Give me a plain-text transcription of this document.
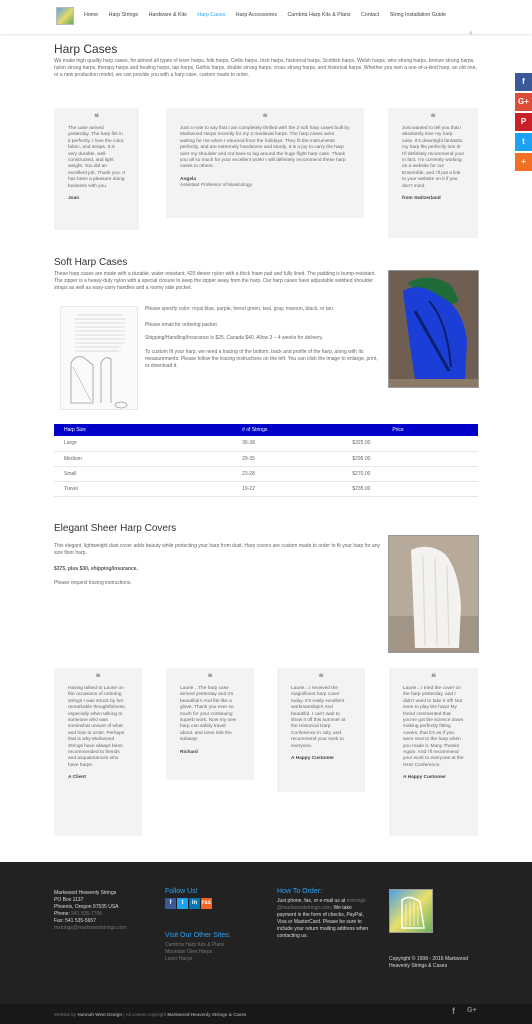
Home Harp Strings Hardware & Kits Harp Cases Harp Accessories Cambria Harp Kits & Plans Contact String Installation Guide
⌕
f
G+
P
t
+
Harp Cases

We make high quality harp cases, for almost all types of lever harps, folk harps, Celtic harps, Irish harps, historical harps, Scottish harps, Welsh harps, wire strung harps, bronze strung harps, nylon strung harps, therapy harps and healing harps, lap harps, Gothic harps, double strung harps, cross strung harps, and historical harps. Whether you own a one-of-a-kind harp, an old one, or a new production model, we can provide you with a harp case, custom made to order.

❝
The case arrived yesterday. The harp fits in it perfectly. I love the color, fabric, and straps. It is very durable, well-constructed, and light weight. You did an excellent job. Thank you. It has been a pleasure doing business with you.
Joan
❝
Just a note to say that I am completely thrilled with the 2 soft harp cases built by Markwood Harps recently for my 2 medieval harps. The harp cases were waiting for me when I returned from the holidays. They fit the instruments perfectly, and are extremely handsome and sturdy. It is a joy to carry the harp over my shoulder and not have to lug around the huge flight harp case. Thank you all so much for your excellent work! I will definitely recommend these harp cases to others.
Angela
Assistant Professor of Musicology
❝
Just wanted to tell you that I absolutely love my harp case. It’s downright fantastic, my harp fits perfectly into it! I’ll definitely recommend you! In fact, I’m currently working on a website for our Ensemble, and I’ll put a link to your website on it if you don’t mind.
from Switzerland
Soft Harp Cases

These harp cases are made with a durable, water-resistant, 420 denier nylon with a thick foam pad and fully lined. The padding is bump-resistant. The zipper is a heavy-duty nylon with a special closure to keep the zipper away from the harp. Our harp cases have adjustable webbed shoulder straps as well as easy-carry handles and a roomy side pocket.

Please specify color: royal blue, purple, forest green, teal, gray, maroon, black, or tan.

Please email for ordering packet.

Shipping/Handling/Insurance is $25. Canada $40. Allow 3 – 4 weeks for delivery.

To custom fit your harp, we need a tracing of the bottom, back and profile of the harp, along with its measurements. Please follow the tracing instructions on the left. You can click the image to enlarge, print, or download it.

Harp Size	# of Strings	Price
Large	36-38	$325.00
Medium	29-35	$295.00
Small	23-28	$270.00
Travel	19-22	$235.00
Elegant Sheer Harp Covers

This elegant, lightweight dust cover adds beauty while protecting your harp from dust. Harp covers are custom made to order to fit your harp for any size floor harp.

$375, plus $30, shipping/insurance.

Please request tracing instructions.

❝
Having talked to Laurie on the occasions of ordering strings I was struck by her remarkable thoughtfulness, especially when talking to someone who was somewhat unsure of what and how to order. Perhaps that is why Markwood Strings have always been recommended to friends and acquaintances who have harps.
A Client
❝
Laurie…The harp case arrived yesterday and it’s beautiful!!! And fits like a glove. Thank you ever so much for your continuing superb work. Now my new harp can safely travel about, and even ride the subway!
Richard
❝
Laurie…I received the magnificent harp cover today. It’s really excellent workmanship!!! And beautiful. I can’t wait to show it off this summer at the Historical Harp Conference in July, and recommend your work to everyone.
A Happy Customer
❝
Laurie…I tried the cover on the harp yesterday, and I didn’t want to take it off! Not even to play the harp! My friend commented that you’ve got the science down making perfectly fitting covers, that it’s as if you were next to the harp when you made it. Many Thanks Again. And I’ll recommend your work to everyone at the HHS Conference.
A Happy Customer
Markwood Heavenly Strings
PO Box 1137
Phoenix, Oregon 97535 USA
Phone: 541 535-7706
Fax: 541 535-5657
mstrings@markwoodstrings.com
Follow Us!
f t in rss
Visit Our Other Sites:
Cambria Harp Kits & Plans
Mountain Glen Harps
Laser Harps
How To Order:
Just phone, fax, or e-mail us at mstrings@markwoodstrings.com. We take payment in the form of checks, PayPal, Visa or MasterCard. Please be sure to include your return mailing address when contacting us.
Copyright © 1998 - 2016 Markwood Heavenly Strings & Cases
Website by Hannah West Design | All content copyright Markwood Heavenly Strings & Cases	f G+
